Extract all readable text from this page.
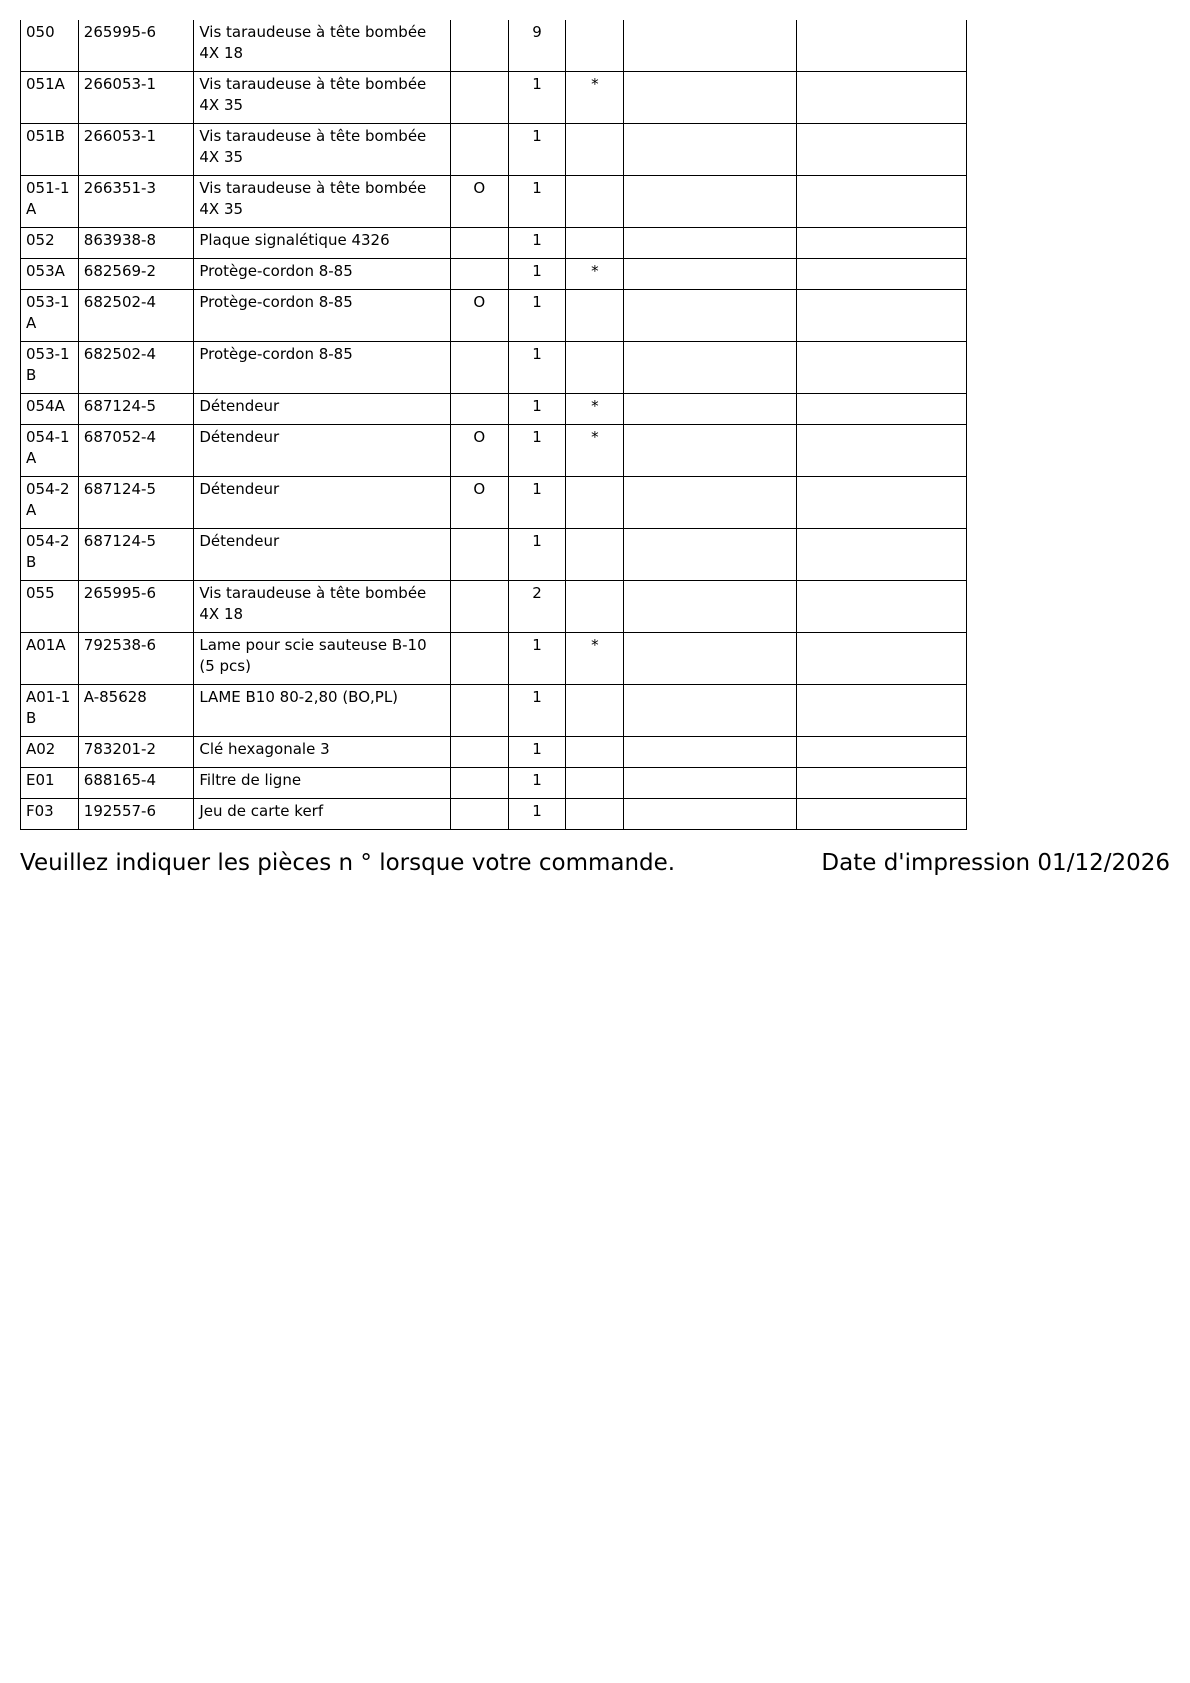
050	265995-6	Vis taraudeuse à tête bombée 4X 18		9			
051A	266053-1	Vis taraudeuse à tête bombée 4X 35		1	*		
051B	266053-1	Vis taraudeuse à tête bombée 4X 35		1			
051-1 A	266351-3	Vis taraudeuse à tête bombée 4X 35	O	1			
052	863938-8	Plaque signalétique 4326		1			
053A	682569-2	Protège-cordon 8-85		1	*		
053-1 A	682502-4	Protège-cordon 8-85	O	1			
053-1 B	682502-4	Protège-cordon 8-85		1			
054A	687124-5	Détendeur		1	*		
054-1 A	687052-4	Détendeur	O	1	*		
054-2 A	687124-5	Détendeur	O	1			
054-2 B	687124-5	Détendeur		1			
055	265995-6	Vis taraudeuse à tête bombée 4X 18		2			
A01A	792538-6	Lame pour scie sauteuse B-10 (5 pcs)		1	*		
A01-1 B	A-85628	LAME B10 80-2,80 (BO,PL)		1			
A02	783201-2	Clé hexagonale 3		1			
E01	688165-4	Filtre de ligne		1			
F03	192557-6	Jeu de carte kerf		1			
Veuillez indiquer les pièces n ° lorsque votre commande.	Date d'impression 01/12/2026
